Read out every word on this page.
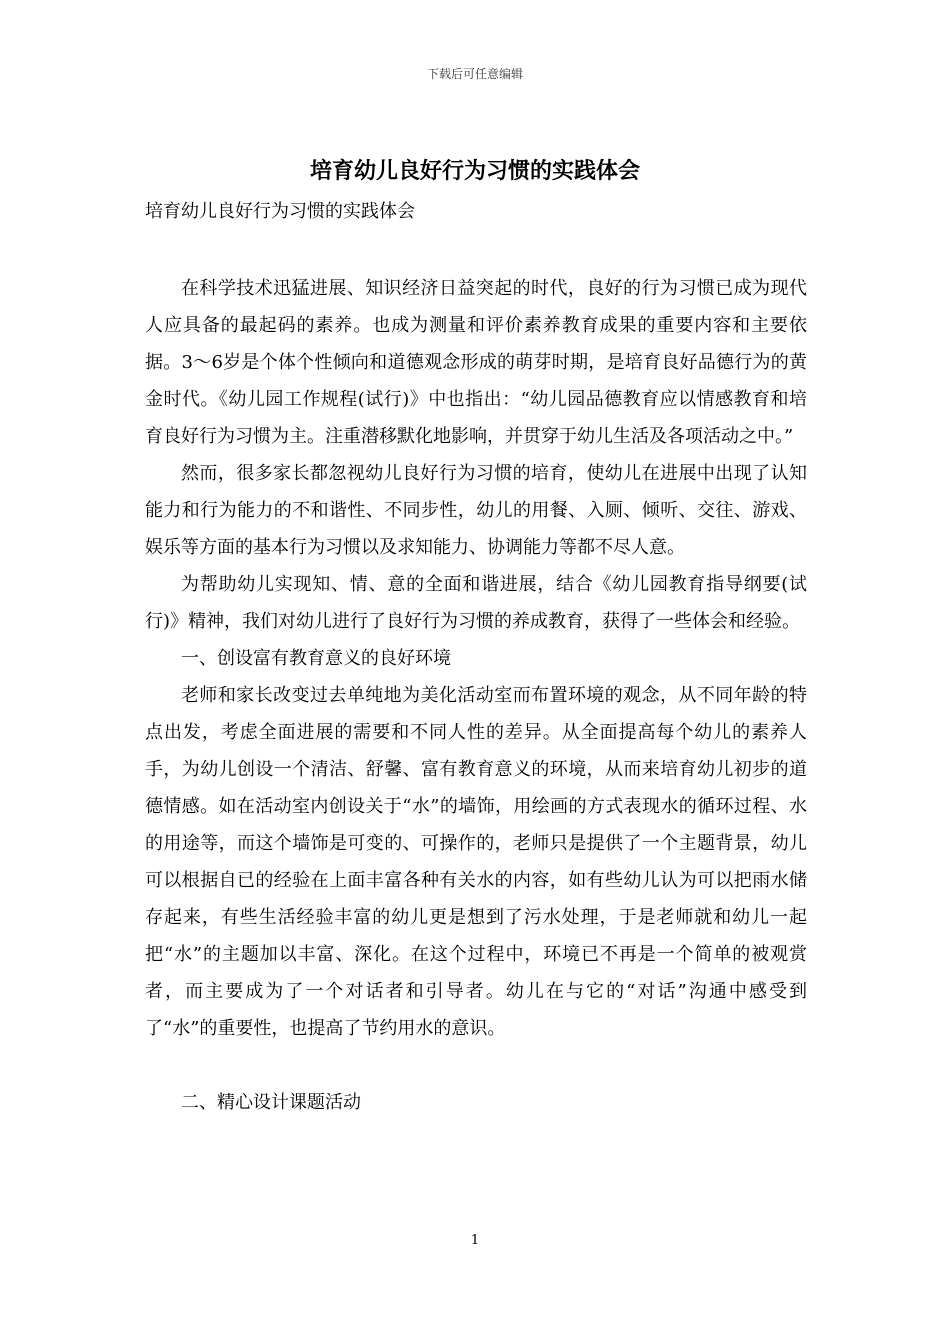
下载后可任意编辑
培育幼儿良好行为习惯的实践体会
培育幼儿良好行为习惯的实践体会

在科学技术迅猛进展、知识经济日益突起的时代，良好的行为习惯已成为现代人应具备的最起码的素养。也成为测量和评价素养教育成果的重要内容和主要依据。3～6岁是个体个性倾向和道德观念形成的萌芽时期，是培育良好品德行为的黄金时代。《幼儿园工作规程(试行)》中也指出：“幼儿园品德教育应以情感教育和培育良好行为习惯为主。注重潜移默化地影响，并贯穿于幼儿生活及各项活动之中。”

然而，很多家长都忽视幼儿良好行为习惯的培育，使幼儿在进展中出现了认知能力和行为能力的不和谐性、不同步性，幼儿的用餐、入厕、倾听、交往、游戏、娱乐等方面的基本行为习惯以及求知能力、协调能力等都不尽人意。

为帮助幼儿实现知、情、意的全面和谐进展，结合《幼儿园教育指导纲要(试行)》精神，我们对幼儿进行了良好行为习惯的养成教育，获得了一些体会和经验。

一、创设富有教育意义的良好环境

老师和家长改变过去单纯地为美化活动室而布置环境的观念，从不同年龄的特点出发，考虑全面进展的需要和不同人性的差异。从全面提高每个幼儿的素养人手，为幼儿创设一个清洁、舒馨、富有教育意义的环境，从而来培育幼儿初步的道德情感。如在活动室内创设关于“水”的墙饰，用绘画的方式表现水的循环过程、水的用途等，而这个墙饰是可变的、可操作的，老师只是提供了一个主题背景，幼儿可以根据自已的经验在上面丰富各种有关水的内容，如有些幼儿认为可以把雨水储存起来，有些生活经验丰富的幼儿更是想到了污水处理，于是老师就和幼儿一起把“水”的主题加以丰富、深化。在这个过程中，环境已不再是一个简单的被观赏者，而主要成为了一个对话者和引导者。幼儿在与它的“对话”沟通中感受到了“水”的重要性，也提高了节约用水的意识。

二、精心设计课题活动

1
